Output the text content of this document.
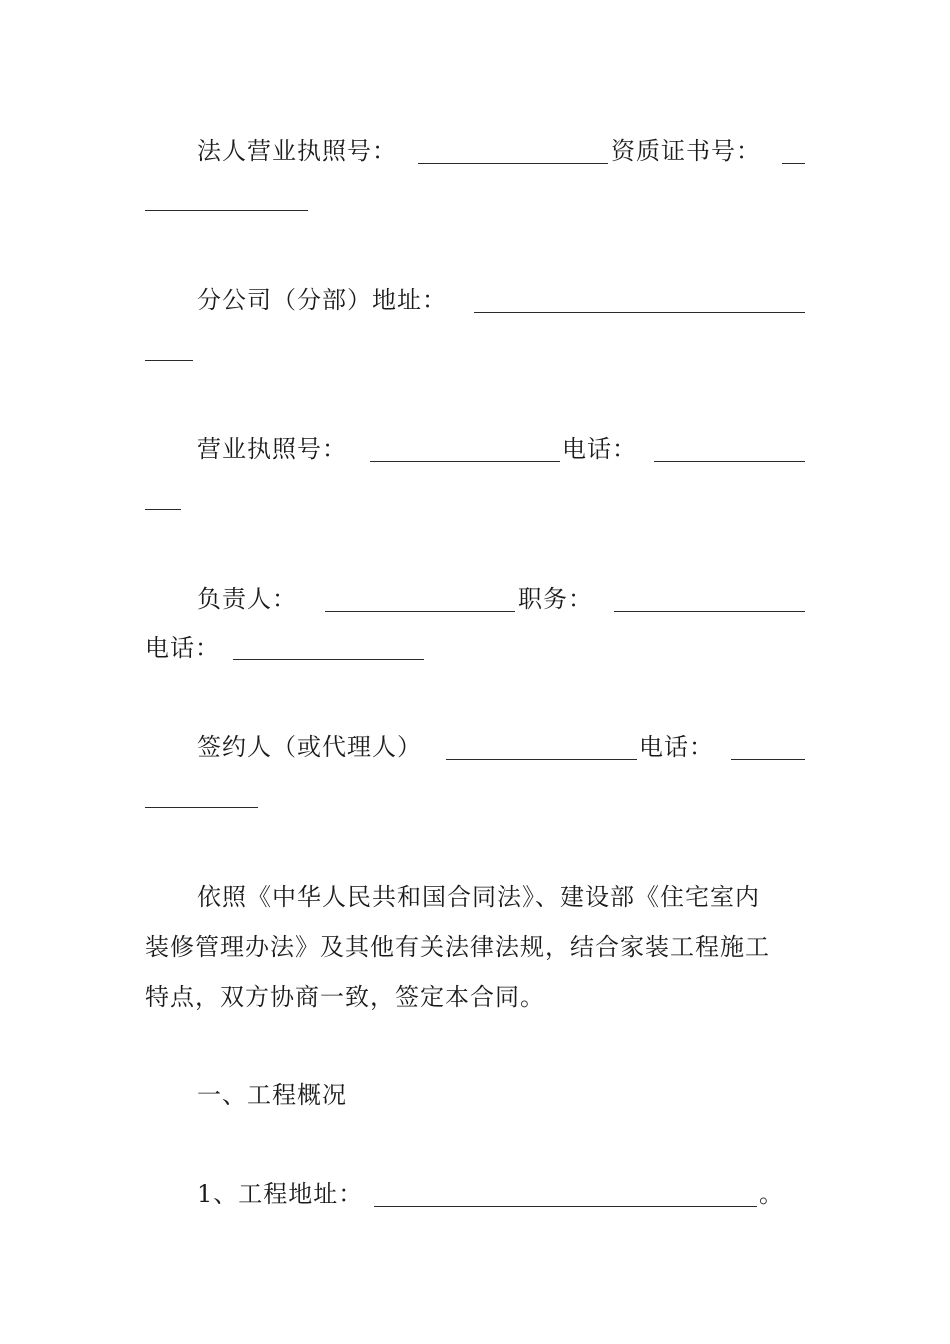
法人营业执照号：	资质证书号：
分公司（分部）地址：
营业执照号：	电话：
负责人：	职务：
电话：
签约人（或代理人）	电话：
依照《中华人民共和国合同法》、建设部《住宅室内
装修管理办法》及其他有关法律法规，结合家装工程施工
特点，双方协商一致，签定本合同。
一、工程概况
1、工程地址：	。
